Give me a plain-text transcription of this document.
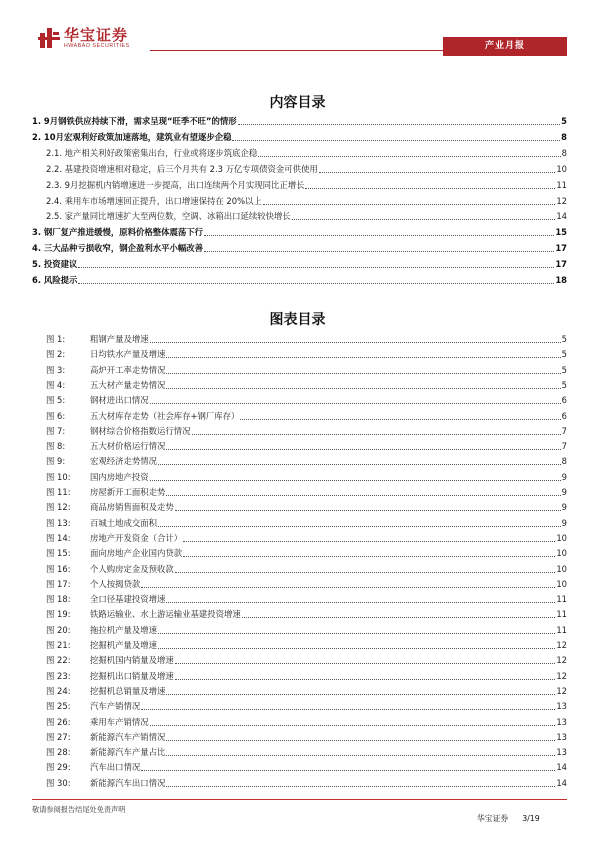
华宝证券
HWABAO SECURITIES	产业月报
内容目录
1. 9月钢铁供应持续下滑，需求呈现“旺季不旺”的情形	5
2. 10月宏观利好政策加速落地，建筑业有望逐步企稳	8
2.1. 地产相关利好政策密集出台，行业或将逐步筑底企稳	8
2.2. 基建投资增速相对稳定，后三个月共有 2.3 万亿专项债资金可供使用	10
2.3. 9月挖掘机内销增速进一步提高，出口连续两个月实现同比正增长	11
2.4. 乘用车市场增速回正提升，出口增速保持在 20%以上	12
2.5. 家产量同比增速扩大至两位数，空调、冰箱出口延续较快增长	14
3. 钢厂复产推进缓慢，原料价格整体震荡下行	15
4. 三大品种亏损收窄，钢企盈利水平小幅改善	17
5. 投资建议	17
6. 风险提示	18
图表目录
图 1:	粗钢产量及增速	5
图 2:	日均铁水产量及增速	5
图 3:	高炉开工率走势情况	5
图 4:	五大材产量走势情况	5
图 5:	钢材进出口情况	6
图 6:	五大材库存走势（社会库存+钢厂库存）	6
图 7:	钢材综合价格指数运行情况	7
图 8:	五大材价格运行情况	7
图 9:	宏观经济走势情况	8
图 10: 国内房地产投资	9
图 11: 房屋新开工面积走势	9
图 12: 商品房销售面积及走势	9
图 13: 百城土地成交面积	9
图 14: 房地产开发资金（合计）	10
图 15: 面向房地产企业国内贷款	10
图 16: 个人购房定金及预收款	10
图 17: 个人按揭贷款	10
图 18: 全口径基建投资增速	11
图 19: 铁路运输业、水上游运输业基建投资增速	11
图 20: 拖拉机产量及增速	11
图 21: 挖掘机产量及增速	12
图 22: 挖掘机国内销量及增速	12
图 23: 挖掘机出口销量及增速	12
图 24: 挖掘机总销量及增速	12
图 25: 汽车产销情况	13
图 26: 乘用车产销情况	13
图 27: 新能源汽车产销情况	13
图 28: 新能源汽车产量占比	13
图 29: 汽车出口情况	14
图 30: 新能源汽车出口情况	14
敬请参阅报告结尾处免责声明
华宝证券 3/19
